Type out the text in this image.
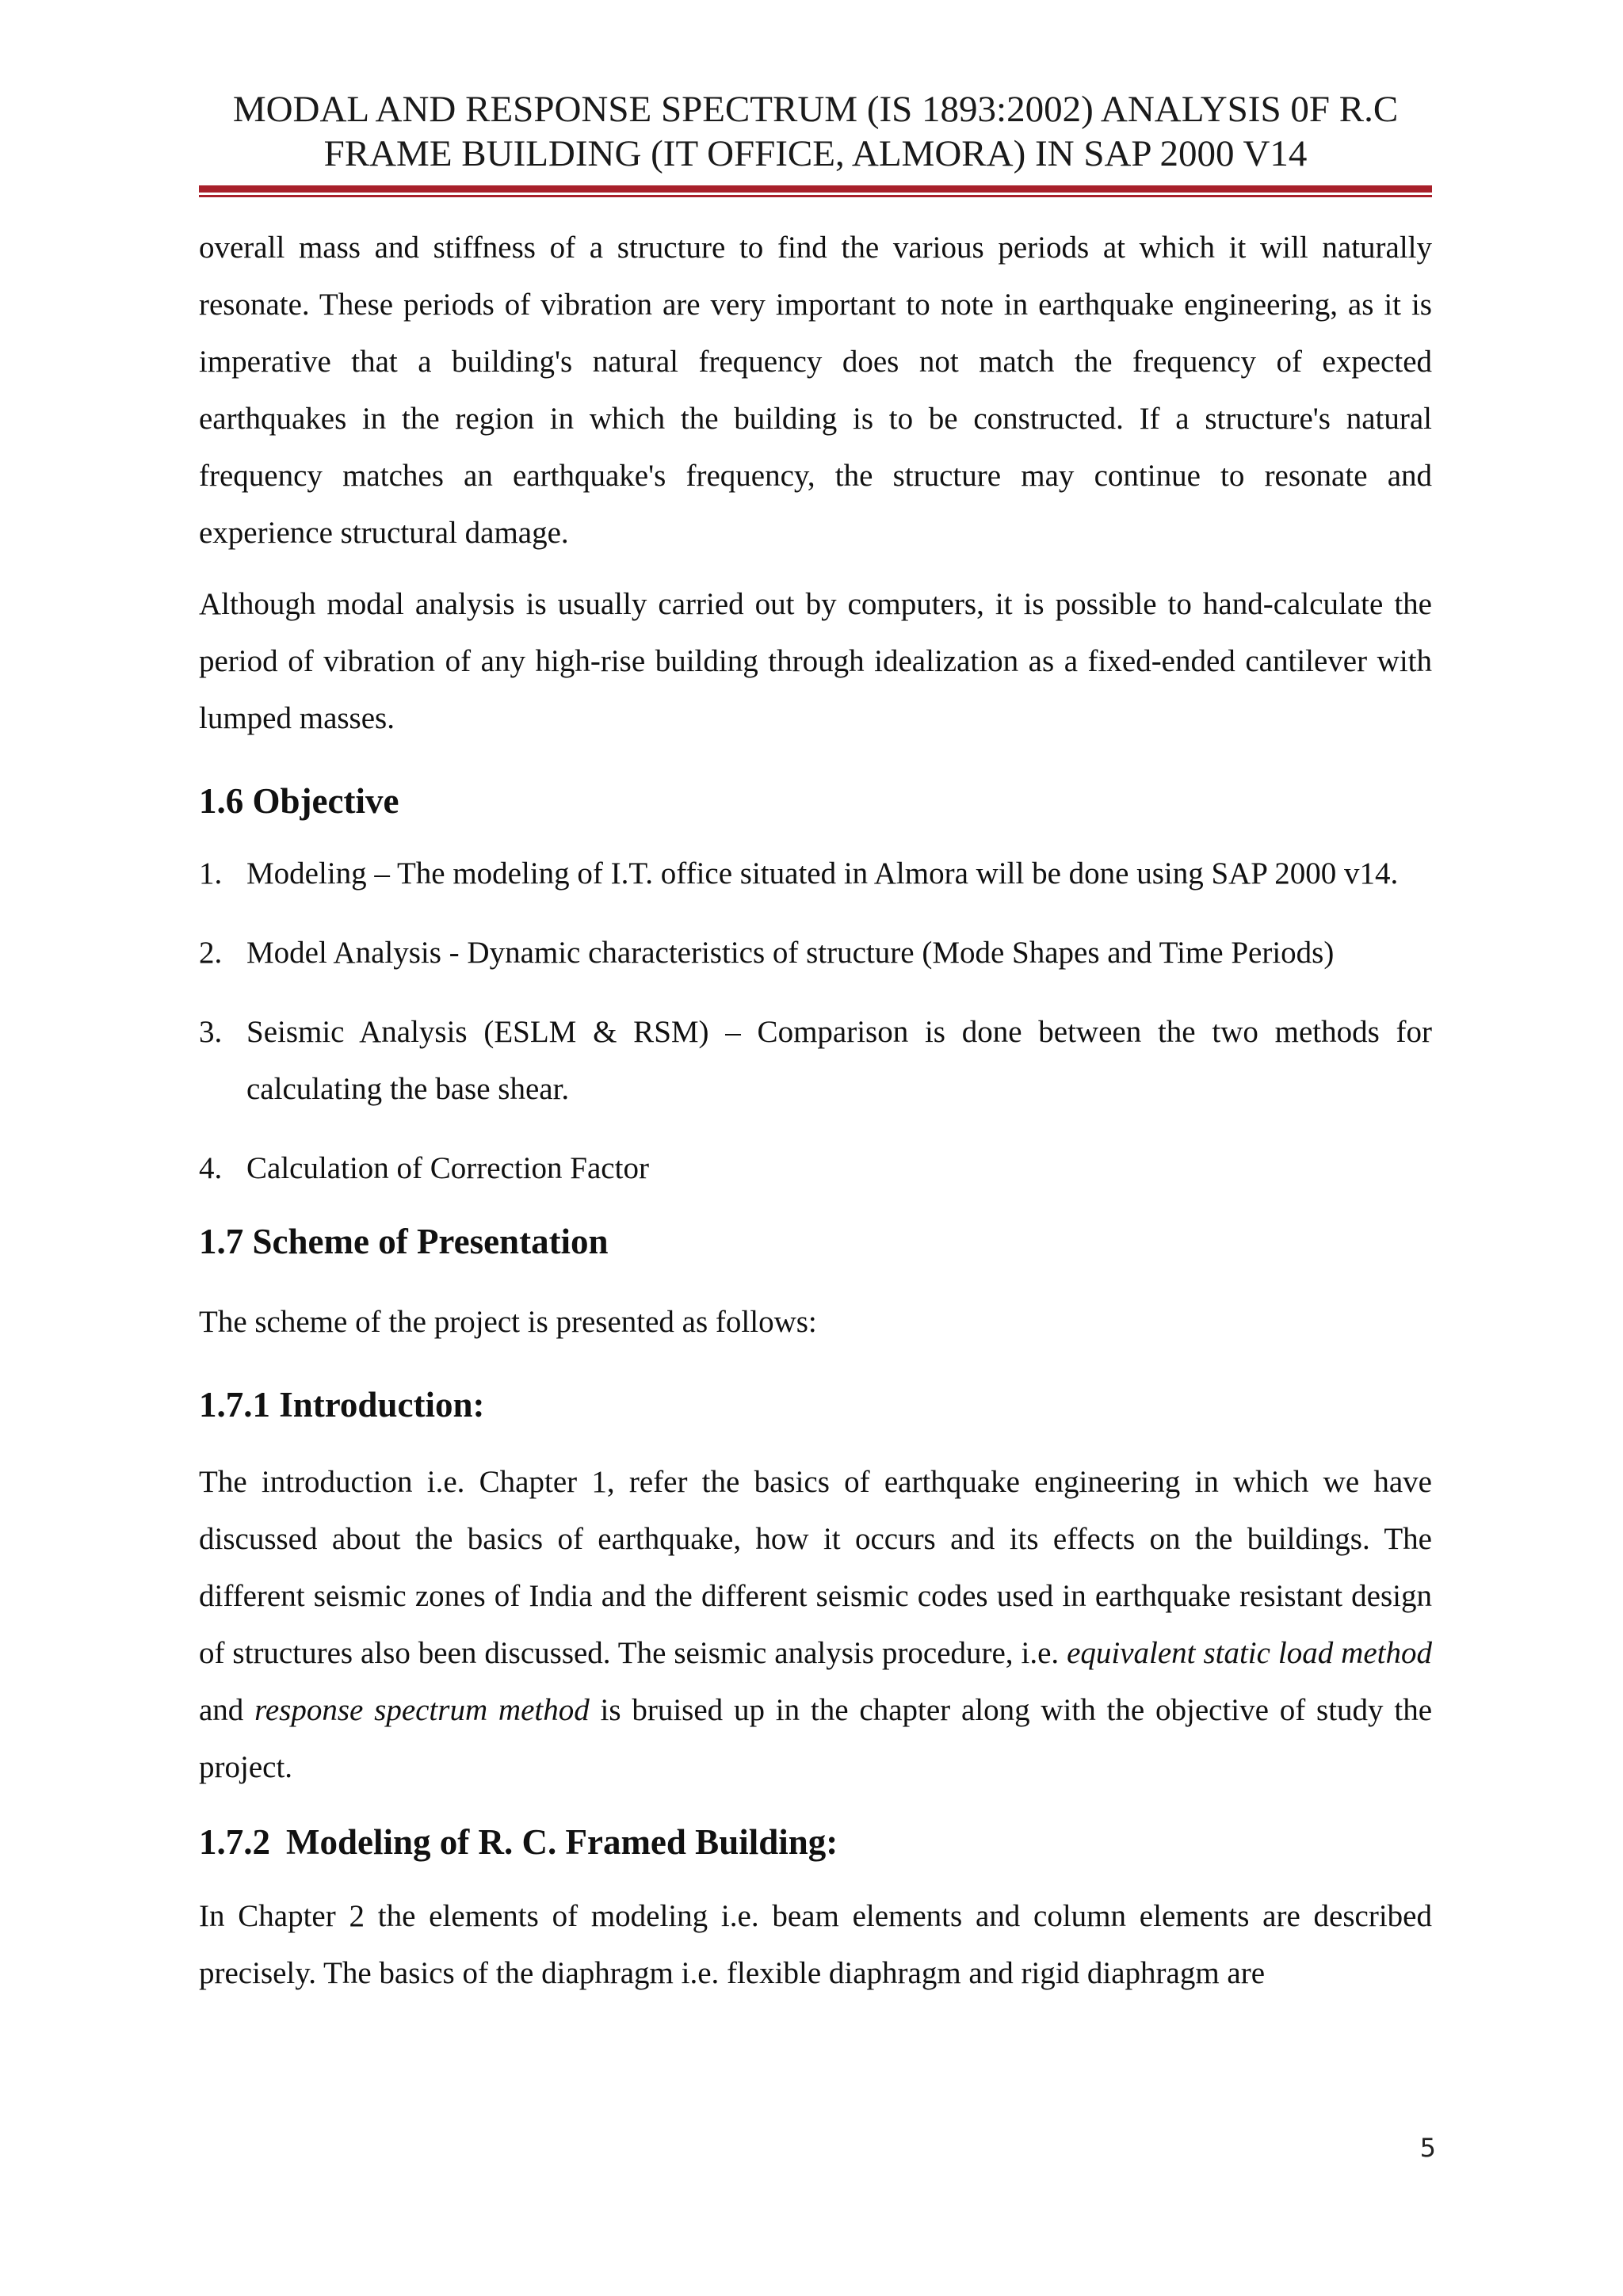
MODAL AND RESPONSE SPECTRUM (IS 1893:2002) ANALYSIS 0F R.C
FRAME BUILDING (IT OFFICE, ALMORA) IN SAP 2000 V14

overall mass and stiffness of a structure to find the various periods at which it will naturally resonate. These periods of vibration are very important to note in earthquake engineering, as it is imperative that a building's natural frequency does not match the frequency of expected earthquakes in the region in which the building is to be constructed. If a structure's natural frequency matches an earthquake's frequency, the structure may continue to resonate and experience structural damage.

Although modal analysis is usually carried out by computers, it is possible to hand-calculate the period of vibration of any high-rise building through idealization as a fixed-ended cantilever with lumped masses.

1.6 Objective
1. Modeling – The modeling of I.T. office situated in Almora will be done using SAP 2000 v14.
2. Model Analysis - Dynamic characteristics of structure (Mode Shapes and Time Periods)
3. Seismic Analysis (ESLM & RSM) – Comparison is done between the two methods for calculating the base shear.
4. Calculation of Correction Factor
1.7 Scheme of Presentation

The scheme of the project is presented as follows:

1.7.1 Introduction:

The introduction i.e. Chapter 1, refer the basics of earthquake engineering in which we have discussed about the basics of earthquake, how it occurs and its effects on the buildings. The different seismic zones of India and the different seismic codes used in earthquake resistant design of structures also been discussed. The seismic analysis procedure, i.e. equivalent static load method and response spectrum method is bruised up in the chapter along with the objective of study the project.

1.7.2 Modeling of R. C. Framed Building:

In Chapter 2 the elements of modeling i.e. beam elements and column elements are described precisely. The basics of the diaphragm i.e. flexible diaphragm and rigid diaphragm are

5
